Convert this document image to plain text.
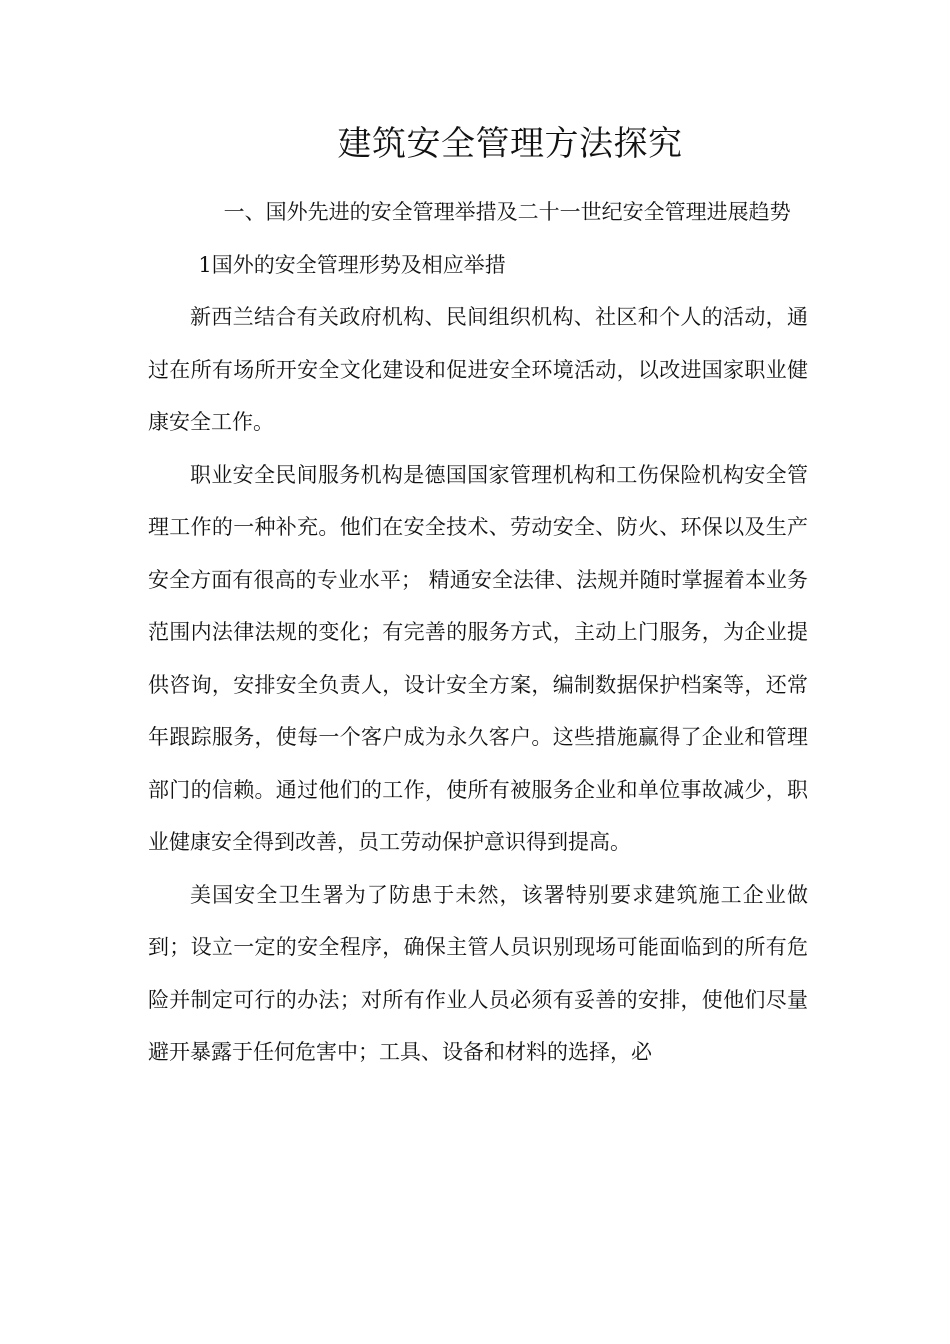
建筑安全管理方法探究

一、国外先进的安全管理举措及二十一世纪安全管理进展趋势

1国外的安全管理形势及相应举措

新西兰结合有关政府机构、民间组织机构、社区和个人的活动，通过在所有场所开安全文化建设和促进安全环境活动，以改进国家职业健康安全工作。

职业安全民间服务机构是德国国家管理机构和工伤保险机构安全管理工作的一种补充。他们在安全技术、劳动安全、防火、环保以及生产安全方面有很高的专业水平； 精通安全法律、法规并随时掌握着本业务范围内法律法规的变化；有完善的服务方式，主动上门服务，为企业提供咨询，安排安全负责人，设计安全方案，编制数据保护档案等，还常年跟踪服务，使每一个客户成为永久客户。这些措施赢得了企业和管理部门的信赖。通过他们的工作，使所有被服务企业和单位事故减少，职业健康安全得到改善，员工劳动保护意识得到提高。

美国安全卫生署为了防患于未然，该署特别要求建筑施工企业做到；设立一定的安全程序，确保主管人员识别现场可能面临到的所有危险并制定可行的办法；对所有作业人员必须有妥善的安排，使他们尽量避开暴露于任何危害中；工具、设备和材料的选择，必
